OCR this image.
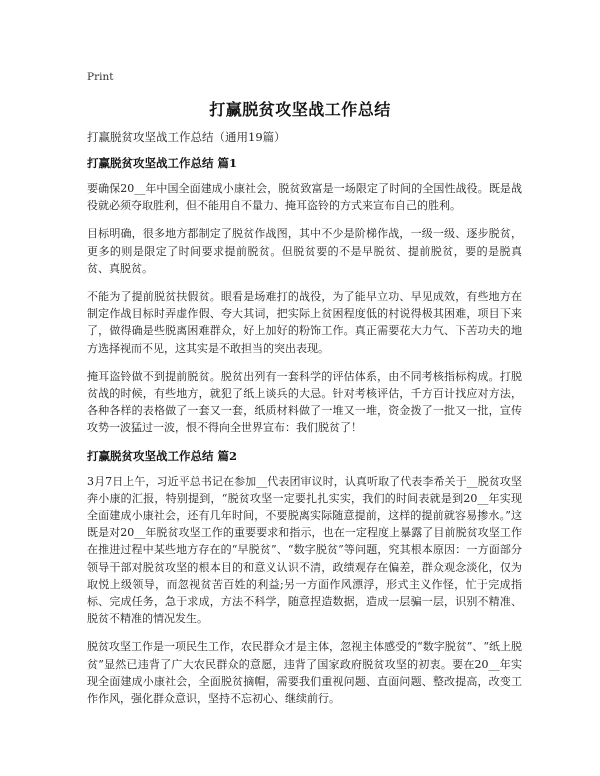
Print
打赢脱贫攻坚战工作总结

打赢脱贫攻坚战工作总结（通用19篇）

打赢脱贫攻坚战工作总结 篇1

要确保20__年中国全面建成小康社会，脱贫致富是一场限定了时间的全国性战役。既是战役就必须夺取胜利，但不能用自不量力、掩耳盗铃的方式来宣布自己的胜利。

目标明确，很多地方都制定了脱贫作战图，其中不少是阶梯作战，一级一级、逐步脱贫，更多的则是限定了时间要求提前脱贫。但脱贫要的不是早脱贫、提前脱贫，要的是脱真贫、真脱贫。

不能为了提前脱贫扶假贫。眼看是场难打的战役，为了能早立功、早见成效，有些地方在制定作战目标时弄虚作假、夸大其词，把实际上贫困程度低的村说得极其困难，项目下来了，做得确是些脱离困难群众，好上加好的粉饰工作。真正需要花大力气、下苦功夫的地方选择视而不见，这其实是不敢担当的突出表现。

掩耳盗铃做不到提前脱贫。脱贫出列有一套科学的评估体系，由不同考核指标构成。打脱贫战的时候，有些地方，就犯了纸上谈兵的大忌。针对考核评估，千方百计找应对方法，各种各样的表格做了一套又一套，纸质材料做了一堆又一堆，资金拨了一批又一批，宣传攻势一波猛过一波，恨不得向全世界宣布：我们脱贫了！

打赢脱贫攻坚战工作总结 篇2

3月7日上午，习近平总书记在参加__代表团审议时，认真听取了代表李希关于__脱贫攻坚奔小康的汇报，特别提到，“脱贫攻坚一定要扎扎实实，我们的时间表就是到20__年实现全面建成小康社会，还有几年时间，不要脱离实际随意提前，这样的提前就容易掺水。”这既是对20__年脱贫攻坚工作的重要要求和指示，也在一定程度上暴露了目前脱贫攻坚工作在推进过程中某些地方存在的“早脱贫”、“数字脱贫”等问题，究其根本原因：一方面部分领导干部对脱贫攻坚的根本目的和意义认识不清，政绩观存在偏差，群众观念淡化，仅为取悦上级领导，而忽视贫苦百姓的利益;另一方面作风漂浮，形式主义作怪，忙于完成指标、完成任务，急于求成，方法不科学，随意捏造数据，造成一层骗一层，识别不精准、脱贫不精准的情况发生。

脱贫攻坚工作是一项民生工作，农民群众才是主体，忽视主体感受的“数字脱贫”、“纸上脱贫”显然已违背了广大农民群众的意愿，违背了国家政府脱贫攻坚的初衷。要在20__年实现全面建成小康社会，全面脱贫摘帽，需要我们重视问题、直面问题、整改提高，改变工作作风，强化群众意识，坚持不忘初心、继续前行。
